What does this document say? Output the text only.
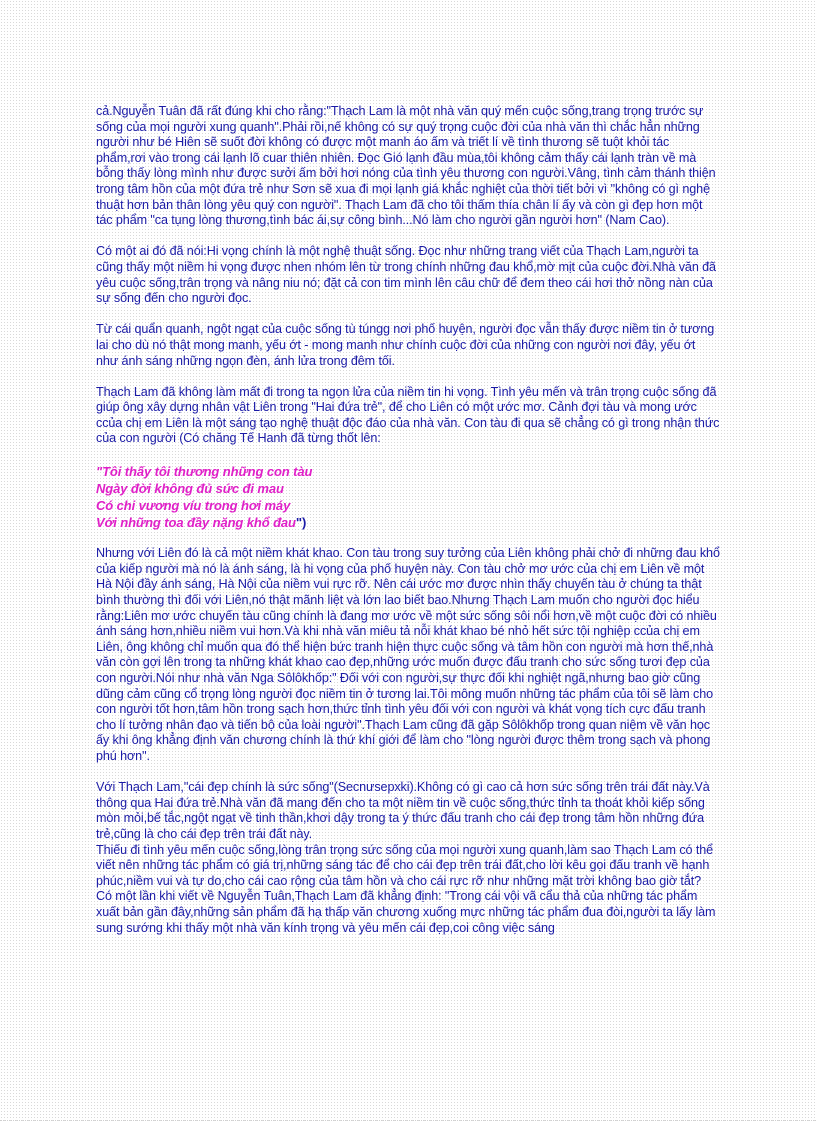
cả.Nguyễn Tuân đã rất đúng khi cho rằng:"Thạch Lam là một nhà văn quý mến cuộc sống,trang trọng trước sự sống của mọi người xung quanh".Phải rồi,nế không có sự quý trọng cuộc đời của nhà văn thì chắc hẳn những người như bé Hiên sẽ suốt đời không có được một manh áo ấm và triết lí về tình thương sẽ tuột khỏi tác phẩm,rơi vào trong cái lạnh lõ cuar thiên nhiên. Đọc Gió lạnh đầu mùa,tôi không cảm thấy cái lạnh tràn về mà bỗng thấy lòng mình như được sưởi ấm bởi hơi nóng của tình yêu thương con người.Vâng, tình cảm thánh thiện trong tâm hồn của một đứa trẻ như Sơn sẽ xua đi mọi lạnh giá khắc nghiệt của thời tiết bởi vì "không có gì nghệ thuật hơn bản thân lòng yêu quý con người". Thạch Lam đã cho tôi thấm thía chân lí ấy và còn gì đẹp hơn một tác phẩm "ca tụng lòng thương,tình bác ái,sự công bình...Nó làm cho người gần người hơn" (Nam Cao).

Có một ai đó đã nói:Hi vọng chính là một nghệ thuật sống. Đọc như những trang viết của Thạch Lam,người ta cũng thấy một niềm hi vọng được nhen nhóm lên từ trong chính những đau khổ,mờ mịt của cuộc đời.Nhà văn đã yêu cuộc sống,trân trọng và nâng niu nó; đặt cả con tim mình lên câu chữ để đem theo cái hơi thở nồng nàn của sự sống đến cho người đọc.

Từ cái quẩn quanh, ngột ngạt của cuộc sống tù túngg nơi phố huyện, người đọc vẫn thấy được niềm tin ở tương lai cho dù nó thật mong manh, yếu ớt - mong manh như chính cuộc đời của những con người nơi đây, yếu ớt như ánh sáng những ngọn đèn, ánh lửa trong đêm tối.

Thạch Lam đã không làm mất đi trong ta ngọn lửa của niềm tin hi vọng. Tình yêu mến và trân trọng cuộc sống đã giúp ông xây dựng nhân vật Liên trong "Hai đứa trẻ", để cho Liên có một ước mơ. Cảnh đợi tàu và mong ước ccủa chị em Liên là một sáng tạo nghệ thuật độc đáo của nhà văn. Con tàu đi qua sẽ chẳng có gì trong nhận thức của con người (Có chăng Tế Hanh đã từng thốt lên:

"Tôi thấy tôi thương những con tàu
Ngày đời không đủ sức đi mau
Có chi vương víu trong hơi máy
Với những toa đầy nặng khổ đau")

Nhưng với Liên đó là cả một niềm khát khao. Con tàu trong suy tưởng của Liên không phải chở đi những đau khổ của kiếp người mà nó là ánh sáng, là hi vọng của phố huyện này. Con tàu chở mơ ước của chị em Liên về một Hà Nội đầy ánh sáng, Hà Nội của niềm vui rực rỡ. Nên cái ước mơ được nhìn thấy chuyến tàu ở chúng ta thật bình thường thì đối với Liên,nó thật mãnh liệt và lớn lao biết bao.Nhưng Thạch Lam muốn cho người đọc hiểu rằng:Liên mơ ước chuyến tàu cũng chính là đang mơ ước về một sức sống sôi nổi hơn,về một cuộc đời có nhiều ánh sáng hơn,nhiều niềm vui hơn.Và khi nhà văn miêu tả nỗi khát khao bé nhỏ hết sức tội nghiệp ccủa chị em Liên, ông không chỉ muốn qua đó thể hiện bức tranh hiện thực cuộc sống và tâm hồn con người mà hơn thế,nhà văn còn gợi lên trong ta những khát khao cao đẹp,những ước muốn được đấu tranh cho sức sống tươi đẹp của con người.Nói như nhà văn Nga Sôlôkhốp:" Đối với con người,sự thực đối khi nghiệt ngã,nhưng bao giờ cũng dũng cảm cũng cổ trọng lòng người đọc niềm tin ở tương lai.Tôi mông muốn những tác phẩm của tôi sẽ làm cho con người tốt hơn,tâm hồn trong sạch hơn,thức tỉnh tình yêu đối với con người và khát vọng tích cực đấu tranh cho lí tưởng nhân đạo và tiến bộ của loài người".Thạch Lam cũng đã gặp Sôlôkhốp trong quan niệm về văn học ấy khi ông khẳng định văn chương chính là thứ khí giới để làm cho "lòng người được thêm trong sạch và phong phú hơn".

Với Thạch Lam,"cái đẹp chính là sức sống"(Secnưsepxki).Không có gì cao cả hơn sức sống trên trái đất này.Và thông qua Hai đứa trẻ.Nhà văn đã mang đến cho ta một niềm tin về cuộc sống,thức tỉnh ta thoát khỏi kiếp sống mòn mỏi,bế tắc,ngột ngạt về tinh thần,khơi dậy trong ta ý thức đấu tranh cho cái đẹp trong tâm hồn những đứa trẻ,cũng là cho cái đẹp trên trái đất này.

Thiếu đi tình yêu mến cuộc sống,lòng trân trọng sức sống của mọi người xung quanh,làm sao Thạch Lam có thể viết nên những tác phẩm có giá trị,những sáng tác để cho cái đẹp trên trái đất,cho lời kêu gọi đấu tranh về hạnh phúc,niềm vui và tự do,cho cái cao rộng của tâm hồn và cho cái rực rỡ như những mặt trời không bao giờ tắt?

Có một lần khi viết về Nguyễn Tuân,Thạch Lam đã khẳng định: "Trong cái vội vã cẩu thả của những tác phẩm xuất bản gần đây,những sản phẩm đã hạ thấp văn chương xuống mực những tác phẩm đua đòi,người ta lấy làm sung sướng khi thấy một nhà văn kính trọng và yêu mến cái đẹp,coi công việc sáng
